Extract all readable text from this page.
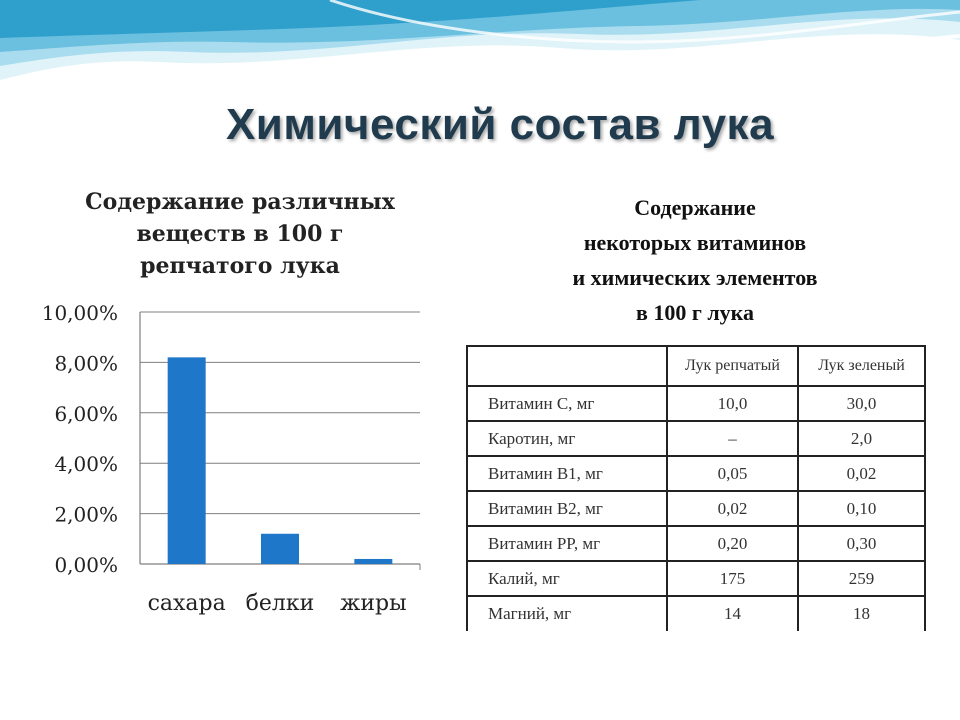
Химический состав лука
Содержание различных веществ в 100 г репчатого лука
Содержание
некоторых витаминов
и химических элементов
в 100 г лука
0,00%
2,00%
4,00%
6,00%
8,00%
10,00%
сахара белки жиры
	Лук репчатый	Лук зеленый
Витамин С, мг	10,0	30,0
Каротин, мг	–	2,0
Витамин B1, мг	0,05	0,02
Витамин B2, мг	0,02	0,10
Витамин PP, мг	0,20	0,30
Калий, мг	175	259
Магний, мг	14	18
